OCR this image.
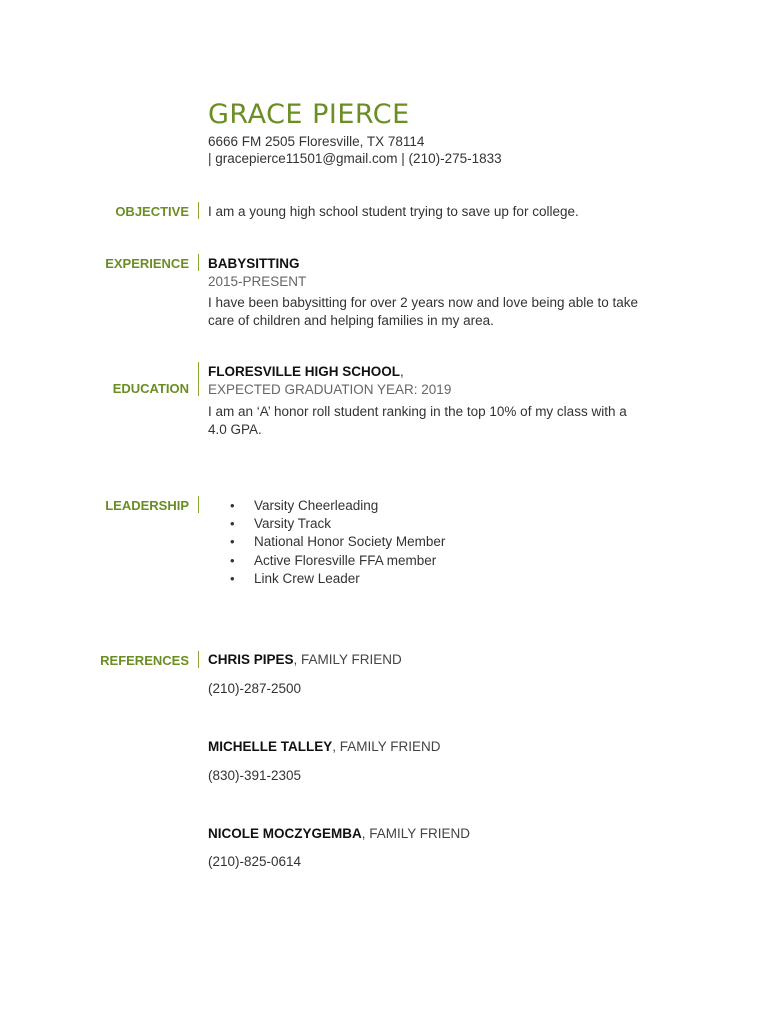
GRACE PIERCE
6666 FM 2505 Floresville, TX 78114
| gracepierce11501@gmail.com | (210)-275-1833
OBJECTIVE I am a young high school student trying to save up for college.
EXPERIENCE BABYSITTING
2015-PRESENT
I have been babysitting for over 2 years now and love being able to take
care of children and helping families in my area.
EDUCATION
FLORESVILLE HIGH SCHOOL,
EXPECTED GRADUATION YEAR: 2019
I am an ‘A’ honor roll student ranking in the top 10% of my class with a
4.0 GPA.
LEADERSHIP	• Varsity Cheerleading
• Varsity Track
• National Honor Society Member
• Active Floresville FFA member
• Link Crew Leader
REFERENCES CHRIS PIPES, FAMILY FRIEND
(210)-287-2500
MICHELLE TALLEY, FAMILY FRIEND
(830)-391-2305
NICOLE MOCZYGEMBA, FAMILY FRIEND
(210)-825-0614
